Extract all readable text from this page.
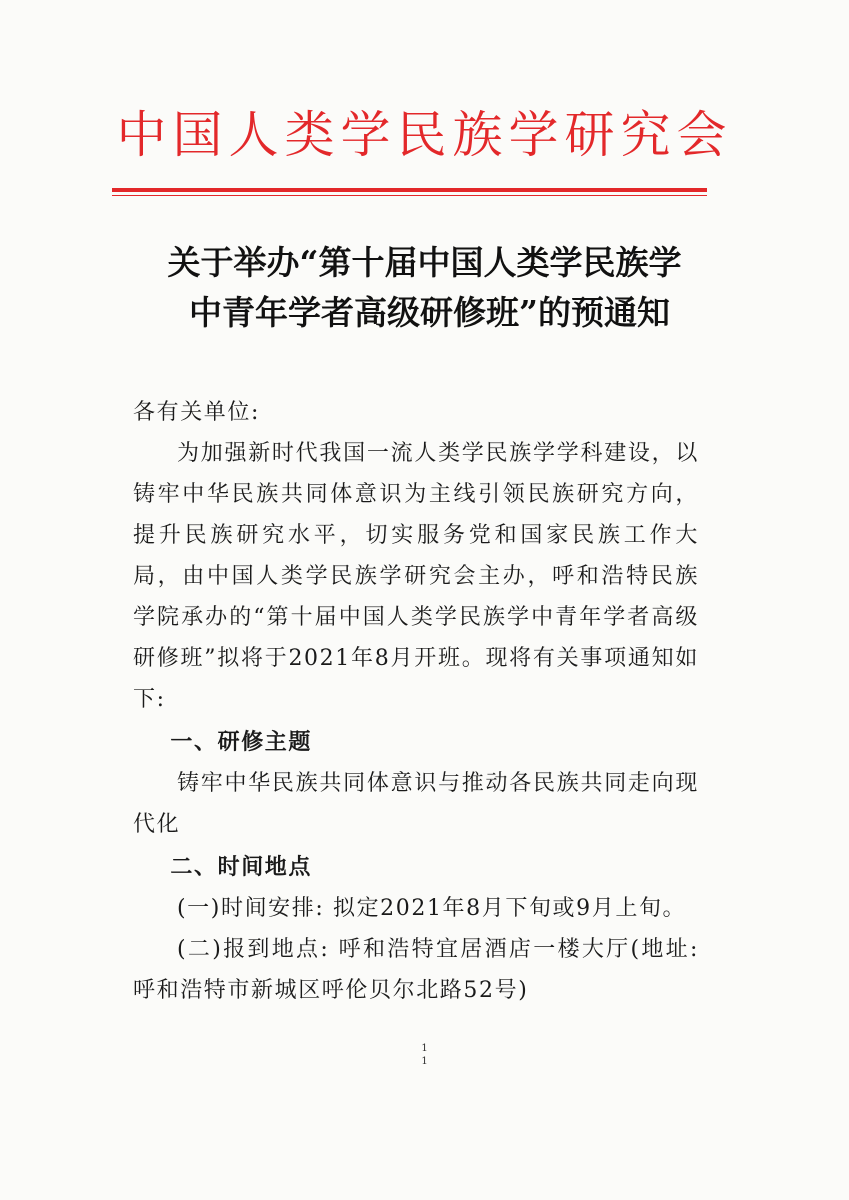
中国人类学民族学研究会
关于举办“第十届中国人类学民族学
中青年学者高级研修班”的预通知

各有关单位:

为加强新时代我国一流人类学民族学学科建设，以铸牢中华民族共同体意识为主线引领民族研究方向，提升民族研究水平，切实服务党和国家民族工作大局，由中国人类学民族学研究会主办，呼和浩特民族学院承办的“第十届中国人类学民族学中青年学者高级研修班”拟将于2021年8月开班。现将有关事项通知如下:

一、研修主题

铸牢中华民族共同体意识与推动各民族共同走向现代化

二、时间地点

(一)时间安排: 拟定2021年8月下旬或9月上旬。

(二)报到地点: 呼和浩特宜居酒店一楼大厅(地址: 呼和浩特市新城区呼伦贝尔北路52号)

1
1
